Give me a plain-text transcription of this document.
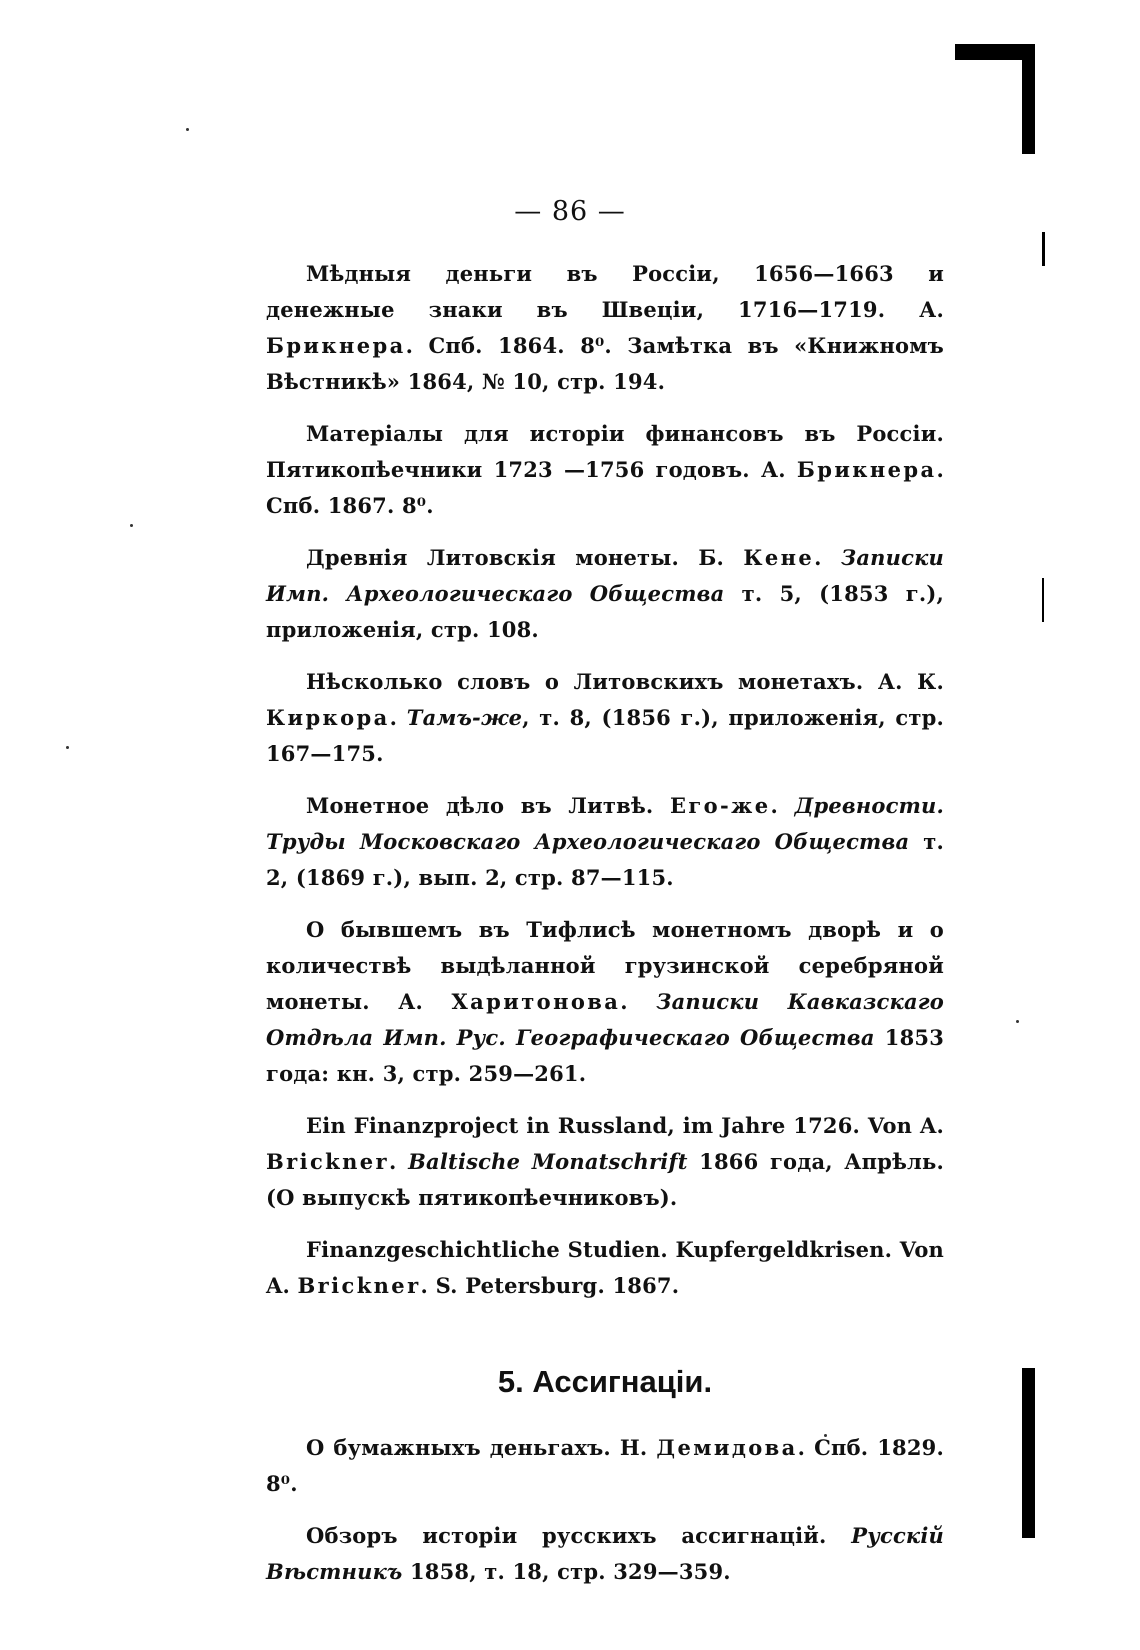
— 86 —

Мѣдныя деньги въ Россіи, 1656—1663 и денежные знаки въ Швеціи, 1716—1719. А. Брикнера. Спб. 1864. 8⁰. Замѣтка въ «Книжномъ Вѣстникѣ» 1864, № 10, стр. 194.

Матеріалы для исторіи финансовъ въ Россіи. Пятикопѣечники 1723 —1756 годовъ. А. Брикнера. Спб. 1867. 8⁰.

Древнія Литовскія монеты. Б. Кене. Записки Имп. Археологическаго Общества т. 5, (1853 г.), приложенія, стр. 108.

Нѣсколько словъ о Литовскихъ монетахъ. А. К. Киркора. Тамъ-же, т. 8, (1856 г.), приложенія, стр. 167—175.

Монетное дѣло въ Литвѣ. Его-же. Древности. Труды Московскаго Археологическаго Общества т. 2, (1869 г.), вып. 2, стр. 87—115.

О бывшемъ въ Тифлисѣ монетномъ дворѣ и о количествѣ выдѣланной грузинской серебряной монеты. А. Харитонова. Записки Кавказскаго Отдѣла Имп. Рус. Географическаго Общества 1853 года: кн. 3, стр. 259—261.

Ein Finanzproject in Russland, im Jahre 1726. Von A. Brickner. Baltische Monatschrift 1866 года, Апрѣль. (О выпускѣ пятикопѣечниковъ).

Finanzgeschichtliche Studien. Kupfergeldkrisen. Von A. Brickner. S. Petersburg. 1867.

5. Ассигнаціи.

О бумажныхъ деньгахъ. Н. Демидова. Спб. 1829. 8⁰.

Обзоръ исторіи русскихъ ассигнацій. Русскій Вѣстникъ 1858, т. 18, стр. 329—359.
